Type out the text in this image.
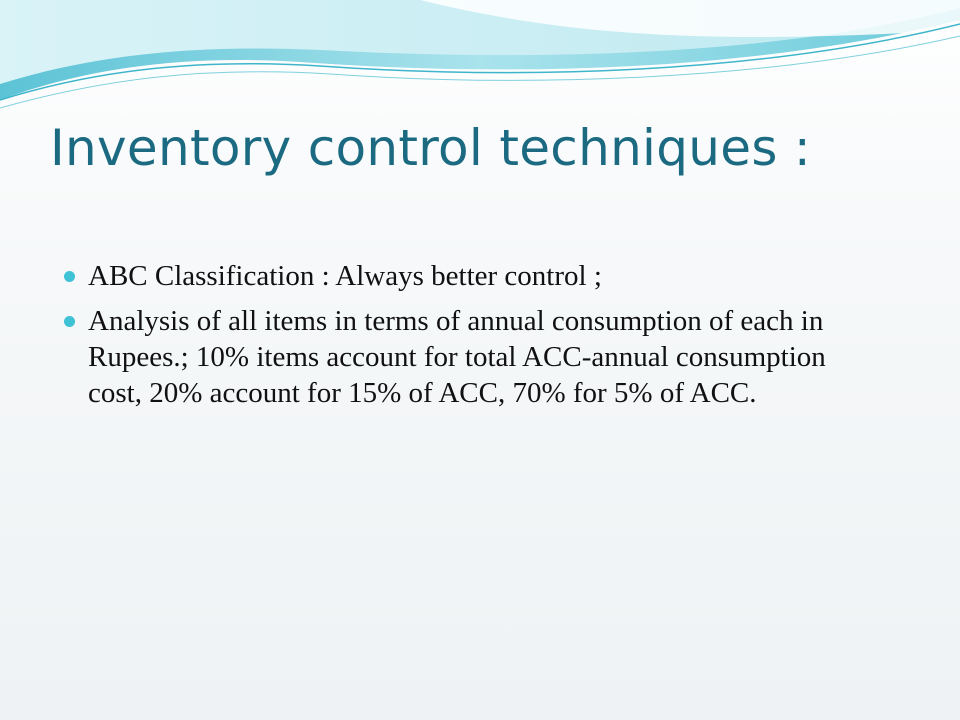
Inventory control techniques :
ABC Classification : Always better control ;
Analysis of all items in terms of annual consumption of each in Rupees.; 10% items account for total ACC-annual consumption cost, 20% account for 15% of ACC, 70% for 5% of ACC.
